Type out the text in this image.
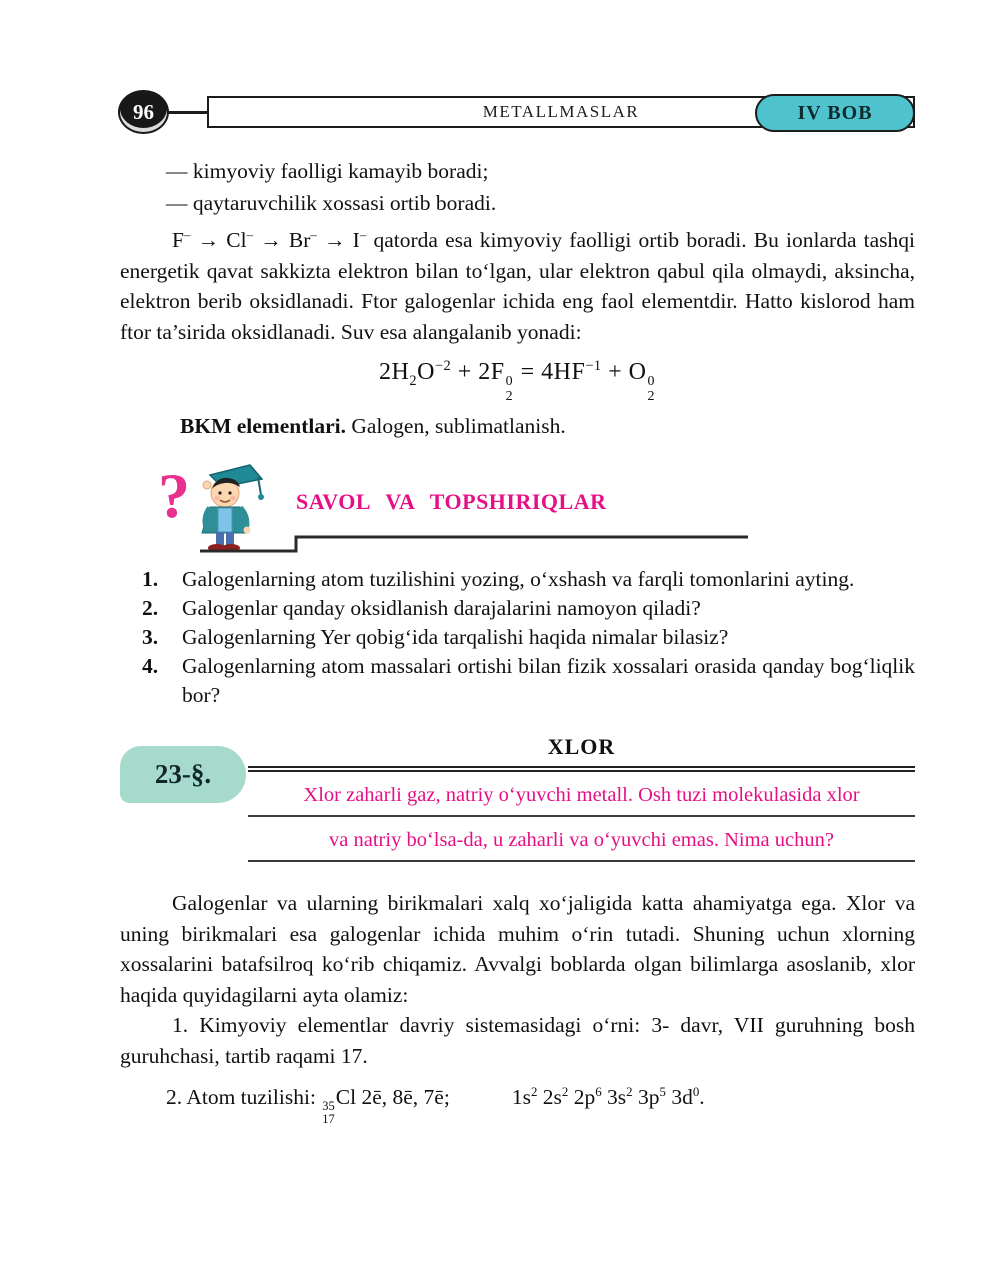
96	METALLMASLAR	IV BOB
— kimyoviy faolligi kamayib boradi;
— qaytaruvchilik xossasi ortib boradi.
F– → Cl– → Br– → I– qatorda esa kimyoviy faolligi ortib boradi. Bu ionlarda tashqi energetik qavat sakkizta elektron bilan to‘lgan, ular elektron qabul qila olmaydi, aksincha, elektron berib oksidlanadi. Ftor galogenlar ichida eng faol elementdir. Hatto kislorod ham ftor ta’sirida oksidlanadi. Suv esa alangalanib yonadi:
$2H_2O^{-2} + 2F$ 0
2
= $4HF^{-1} + O$ 0
2
BKM elementlari. Galogen, sublimatlanish.
?	SAVOL VA TOPSHIRIQLAR
1.	Galogenlarning atom tuzilishini yozing, o‘xshash va farqli tomonlarini ayting.
2.	Galogenlar qanday oksidlanish darajalarini namoyon qiladi?
3.	Galogenlarning Yer qobig‘ida tarqalishi haqida nimalar bilasiz?
4.	Galogenlarning atom massalari ortishi bilan fizik xossalari orasida qanday bog‘liqlik bor?
23-§.
XLOR
Xlor zaharli gaz, natriy o‘yuvchi metall. Osh tuzi molekulasida xlor
va natriy bo‘lsa-da, u zaharli va o‘yuvchi emas. Nima uchun?
Galogenlar va ularning birikmalari xalq xo‘jaligida katta ahamiyatga ega. Xlor va uning birikmalari esa galogenlar ichida muhim o‘rin tutadi. Shuning uchun xlorning xossalarini batafsilroq ko‘rib chiqamiz. Avvalgi boblarda olgan bilimlarga asoslanib, xlor haqida quyidagilarni ayta olamiz:
1. Kimyoviy elementlar davriy sistemasidagi o‘rni: 3- davr, VII guruhning bosh guruhchasi, tartib raqami 17.
2. Atom tuzilishi: 35
17
Cl 2ē, 8ē, 7ē;	$1s^2$ $2s^2$ $2p^6$ $3s^2$ $3p^5$ $3d^0$.
